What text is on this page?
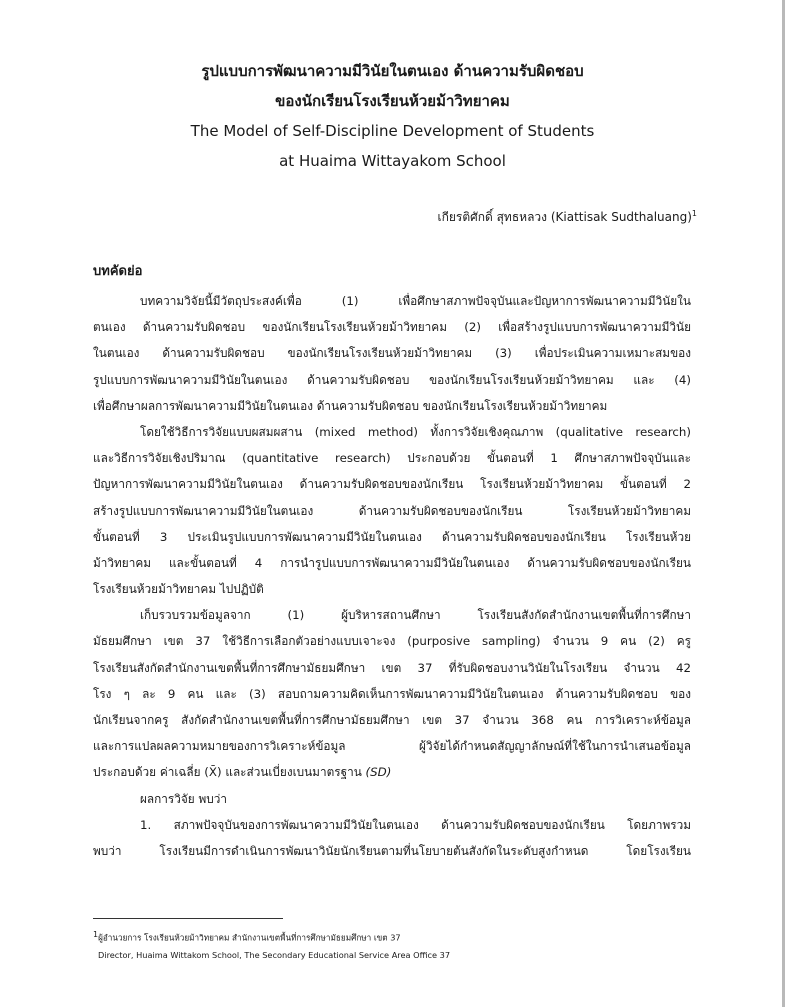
รูปแบบการพัฒนาความมีวินัยในตนเอง ด้านความรับผิดชอบ
ของนักเรียนโรงเรียนห้วยม้าวิทยาคม
The Model of Self-Discipline Development of Students
at Huaima Wittayakom School
เกียรติศักดิ์ สุทธหลวง (Kiattisak Sudthaluang)$^1$
บทคัดย่อ
บทความวิจัยนี้มีวัตถุประสงค์เพื่อ (1) เพื่อศึกษาสภาพปัจจุบันและปัญหาการพัฒนาความมีวินัยใน
ตนเอง ด้านความรับผิดชอบ ของนักเรียนโรงเรียนห้วยม้าวิทยาคม (2) เพื่อสร้างรูปแบบการพัฒนาความมีวินัย
ในตนเอง ด้านความรับผิดชอบ ของนักเรียนโรงเรียนห้วยม้าวิทยาคม (3) เพื่อประเมินความเหมาะสมของ
รูปแบบการพัฒนาความมีวินัยในตนเอง ด้านความรับผิดชอบ ของนักเรียนโรงเรียนห้วยม้าวิทยาคม และ (4)
เพื่อศึกษาผลการพัฒนาความมีวินัยในตนเอง ด้านความรับผิดชอบ ของนักเรียนโรงเรียนห้วยม้าวิทยาคม
โดยใช้วิธีการวิจัยแบบผสมผสาน (mixed method) ทั้งการวิจัยเชิงคุณภาพ (qualitative research)
และวิธีการวิจัยเชิงปริมาณ (quantitative research) ประกอบด้วย ขั้นตอนที่ 1 ศึกษาสภาพปัจจุบันและ
ปัญหาการพัฒนาความมีวินัยในตนเอง ด้านความรับผิดชอบของนักเรียน โรงเรียนห้วยม้าวิทยาคม ขั้นตอนที่ 2
สร้างรูปแบบการพัฒนาความมีวินัยในตนเอง ด้านความรับผิดชอบของนักเรียน โรงเรียนห้วยม้าวิทยาคม
ขั้นตอนที่ 3 ประเมินรูปแบบการพัฒนาความมีวินัยในตนเอง ด้านความรับผิดชอบของนักเรียน โรงเรียนห้วย
ม้าวิทยาคม และขั้นตอนที่ 4 การนำรูปแบบการพัฒนาความมีวินัยในตนเอง ด้านความรับผิดชอบของนักเรียน
โรงเรียนห้วยม้าวิทยาคม ไปปฏิบัติ
เก็บรวบรวมข้อมูลจาก (1) ผู้บริหารสถานศึกษา โรงเรียนสังกัดสำนักงานเขตพื้นที่การศึกษา
มัธยมศึกษา เขต 37 ใช้วิธีการเลือกตัวอย่างแบบเจาะจง (purposive sampling) จำนวน 9 คน (2) ครู
โรงเรียนสังกัดสำนักงานเขตพื้นที่การศึกษามัธยมศึกษา เขต 37 ที่รับผิดชอบงานวินัยในโรงเรียน จำนวน 42
โรง ๆ ละ 9 คน และ (3) สอบถามความคิดเห็นการพัฒนาความมีวินัยในตนเอง ด้านความรับผิดชอบ ของ
นักเรียนจากครู สังกัดสำนักงานเขตพื้นที่การศึกษามัธยมศึกษา เขต 37 จำนวน 368 คน การวิเคราะห์ข้อมูล
และการแปลผลความหมายของการวิเคราะห์ข้อมูล ผู้วิจัยได้กำหนดสัญญาลักษณ์ที่ใช้ในการนำเสนอข้อมูล
ประกอบด้วย ค่าเฉลี่ย (X̄) และส่วนเบี่ยงเบนมาตรฐาน (SD)
ผลการวิจัย พบว่า
1. สภาพปัจจุบันของการพัฒนาความมีวินัยในตนเอง ด้านความรับผิดชอบของนักเรียน โดยภาพรวม
พบว่า โรงเรียนมีการดำเนินการพัฒนาวินัยนักเรียนตามที่นโยบายต้นสังกัดในระดับสูงกำหนด โดยโรงเรียน
$^1$ผู้อำนวยการ โรงเรียนห้วยม้าวิทยาคม สำนักงานเขตพื้นที่การศึกษามัธยมศึกษา เขต 37
Director, Huaima Wittakom School, The Secondary Educational Service Area Office 37
